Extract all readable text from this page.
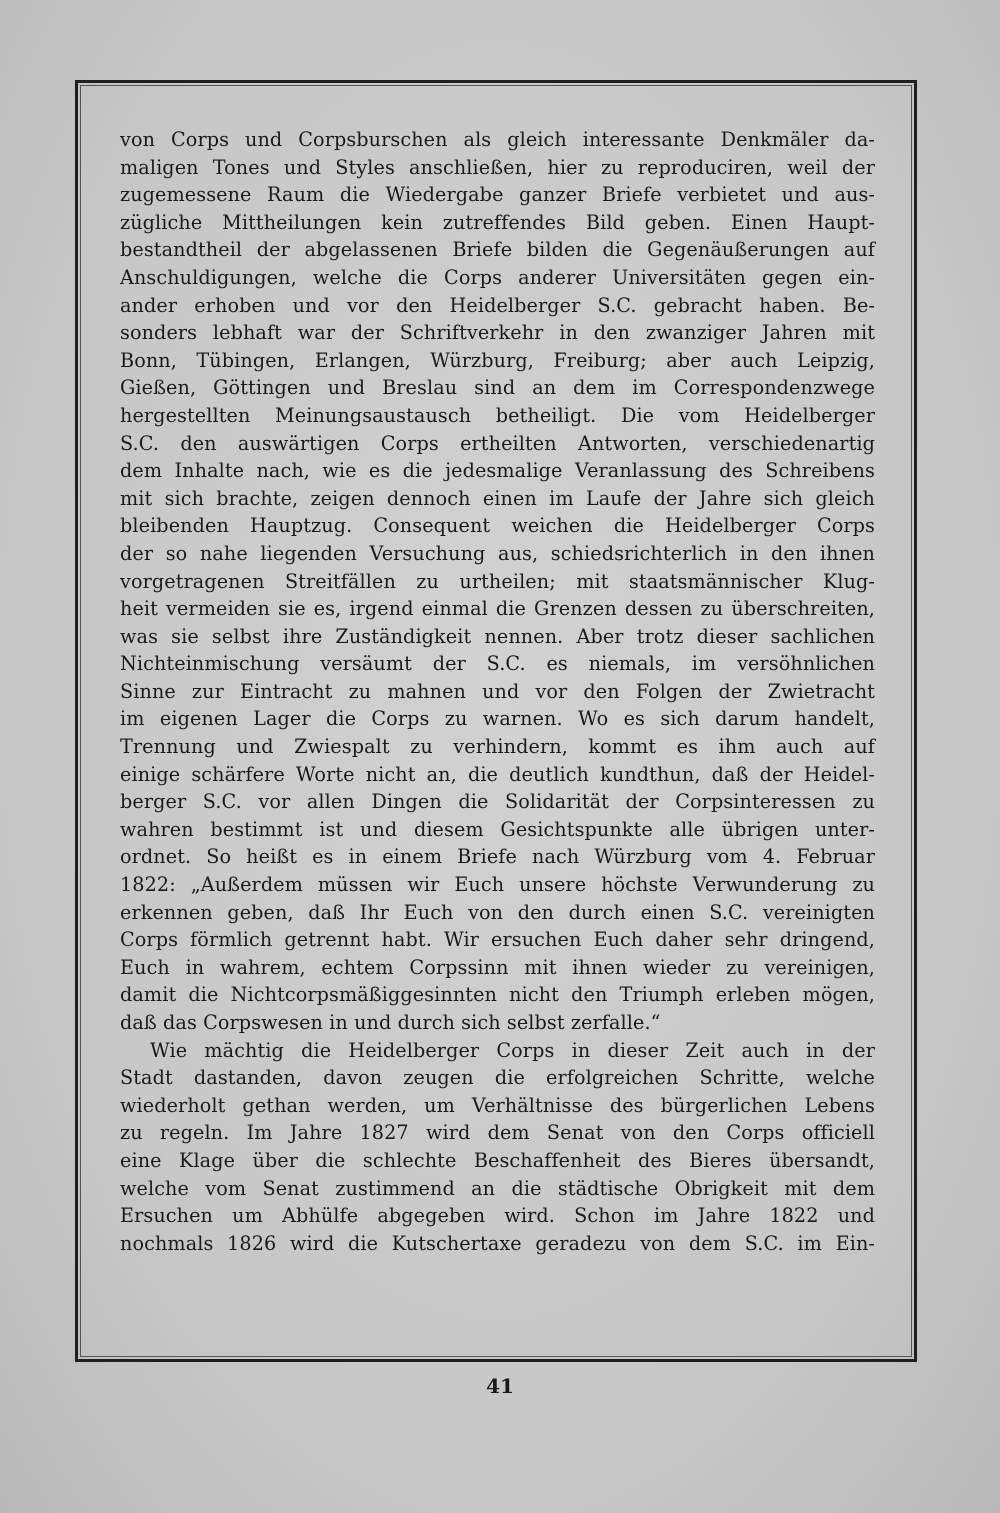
von Corps und Corpsburschen als gleich interessante Denkmäler da-
maligen Tones und Styles anschließen, hier zu reproduciren, weil der
zugemessene Raum die Wiedergabe ganzer Briefe verbietet und aus-
zügliche Mittheilungen kein zutreffendes Bild geben. Einen Haupt-
bestandtheil der abgelassenen Briefe bilden die Gegenäußerungen auf
Anschuldigungen, welche die Corps anderer Universitäten gegen ein-
ander erhoben und vor den Heidelberger S.C. gebracht haben. Be-
sonders lebhaft war der Schriftverkehr in den zwanziger Jahren mit
Bonn, Tübingen, Erlangen, Würzburg, Freiburg; aber auch Leipzig,
Gießen, Göttingen und Breslau sind an dem im Correspondenzwege
hergestellten Meinungsaustausch betheiligt. Die vom Heidelberger
S.C. den auswärtigen Corps ertheilten Antworten, verschiedenartig
dem Inhalte nach, wie es die jedesmalige Veranlassung des Schreibens
mit sich brachte, zeigen dennoch einen im Laufe der Jahre sich gleich
bleibenden Hauptzug. Consequent weichen die Heidelberger Corps
der so nahe liegenden Versuchung aus, schiedsrichterlich in den ihnen
vorgetragenen Streitfällen zu urtheilen; mit staatsmännischer Klug-
heit vermeiden sie es, irgend einmal die Grenzen dessen zu überschreiten,
was sie selbst ihre Zuständigkeit nennen. Aber trotz dieser sachlichen
Nichteinmischung versäumt der S.C. es niemals, im versöhnlichen
Sinne zur Eintracht zu mahnen und vor den Folgen der Zwietracht
im eigenen Lager die Corps zu warnen. Wo es sich darum handelt,
Trennung und Zwiespalt zu verhindern, kommt es ihm auch auf
einige schärfere Worte nicht an, die deutlich kundthun, daß der Heidel-
berger S.C. vor allen Dingen die Solidarität der Corpsinteressen zu
wahren bestimmt ist und diesem Gesichtspunkte alle übrigen unter-
ordnet. So heißt es in einem Briefe nach Würzburg vom 4. Februar
1822: „Außerdem müssen wir Euch unsere höchste Verwunderung zu
erkennen geben, daß Ihr Euch von den durch einen S.C. vereinigten
Corps förmlich getrennt habt. Wir ersuchen Euch daher sehr dringend,
Euch in wahrem, echtem Corpssinn mit ihnen wieder zu vereinigen,
damit die Nichtcorpsmäßiggesinnten nicht den Triumph erleben mögen,
daß das Corpswesen in und durch sich selbst zerfalle.“
Wie mächtig die Heidelberger Corps in dieser Zeit auch in der
Stadt dastanden, davon zeugen die erfolgreichen Schritte, welche
wiederholt gethan werden, um Verhältnisse des bürgerlichen Lebens
zu regeln. Im Jahre 1827 wird dem Senat von den Corps officiell
eine Klage über die schlechte Beschaffenheit des Bieres übersandt,
welche vom Senat zustimmend an die städtische Obrigkeit mit dem
Ersuchen um Abhülfe abgegeben wird. Schon im Jahre 1822 und
nochmals 1826 wird die Kutschertaxe geradezu von dem S.C. im Ein-
41
